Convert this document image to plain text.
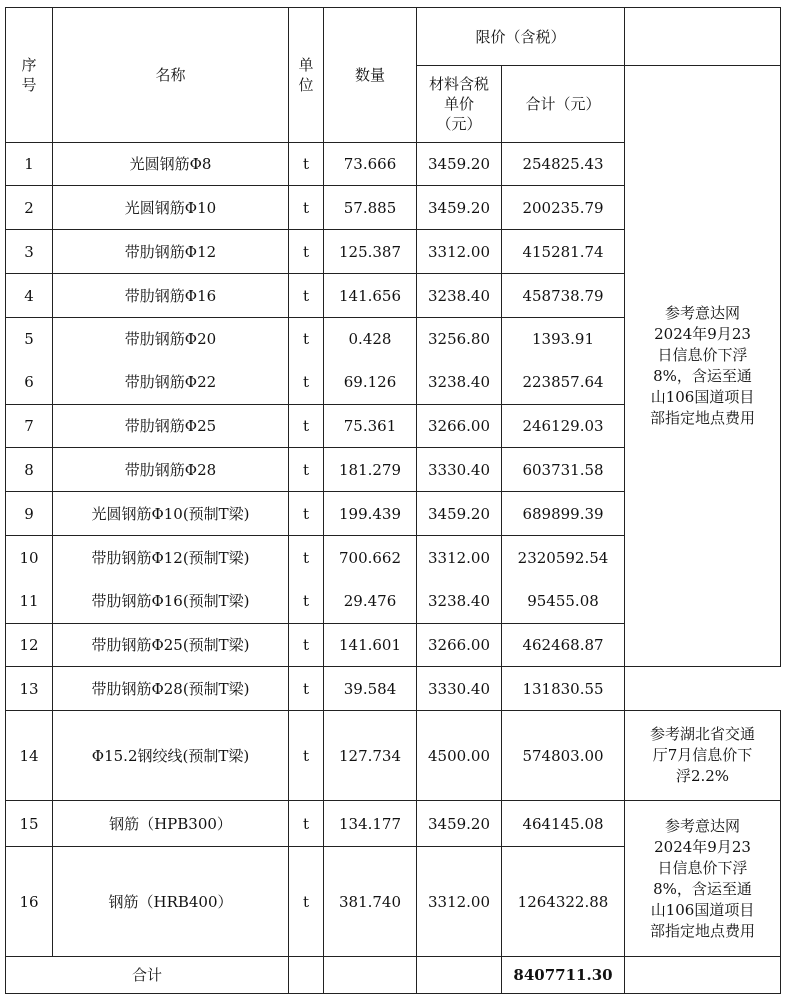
序号	名称	单位	数量	限价（含税）		

				材料含税单价（元）	合计（元）	参考意达网2024年9月23日信息价下浮8%，含运至通山106国道项目部指定地点费用

1	光圆钢筋Φ8	t	73.666	3459.20	254825.43	
2	光圆钢筋Φ10	t	57.885	3459.20	200235.79	
3	带肋钢筋Φ12	t	125.387	3312.00	415281.74	
4	带肋钢筋Φ16	t	141.656	3238.40	458738.79	
5	带肋钢筋Φ20	t	0.428	3256.80	1393.91	
6	带肋钢筋Φ22	t	69.126	3238.40	223857.64	
7	带肋钢筋Φ25	t	75.361	3266.00	246129.03	
8	带肋钢筋Φ28	t	181.279	3330.40	603731.58	
9	光圆钢筋Φ10(预制T梁)	t	199.439	3459.20	689899.39	
10	带肋钢筋Φ12(预制T梁)	t	700.662	3312.00	2320592.54	
11	带肋钢筋Φ16(预制T梁)	t	29.476	3238.40	95455.08	
12	带肋钢筋Φ25(预制T梁)	t	141.601	3266.00	462468.87	
13	带肋钢筋Φ28(预制T梁)	t	39.584	3330.40	131830.55	
14	Φ15.2钢绞线(预制T梁)	t	127.734	4500.00	574803.00	参考湖北省交通厅7月信息价下浮2.2%

15	钢筋（HPB300）	t	134.177	3459.20	464145.08	参考意达网2024年9月23日信息价下浮8%，含运至通山106国道项目部指定地点费用

16	钢筋（HRB400）	t	381.740	3312.00	1264322.88	
合计					8407711.30	
